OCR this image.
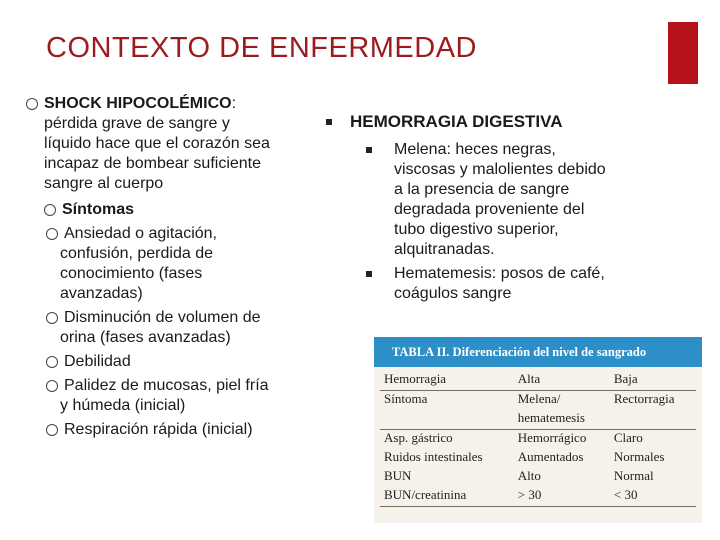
CONTEXTO DE ENFERMEDAD
SHOCK HIPOCOLÉMICO:
pérdida grave de sangre y
líquido hace que el corazón sea
incapaz de bombear suficiente
sangre al cuerpo
Síntomas
Ansiedad o agitación,
confusión, perdida de
conocimiento (fases
avanzadas)
Disminución de volumen de
orina (fases avanzadas)
Debilidad
Palidez de mucosas, piel fría
y húmeda (inicial)
Respiración rápida (inicial)
HEMORRAGIA DIGESTIVA
Melena: heces negras,
viscosas y malolientes debido
a la presencia de sangre
degradada proveniente del
tubo digestivo superior,
alquitranadas.
Hematemesis: posos de café,
coágulos sangre
TABLA II. Diferenciación del nivel de sangrado
Hemorragia	Alta	Baja
Síntoma	Melena/	Rectorragia
	hematemesis	
Asp. gástrico	Hemorrágico	Claro
Ruidos intestinales	Aumentados	Normales
BUN	Alto	Normal
BUN/creatinina	> 30	< 30
